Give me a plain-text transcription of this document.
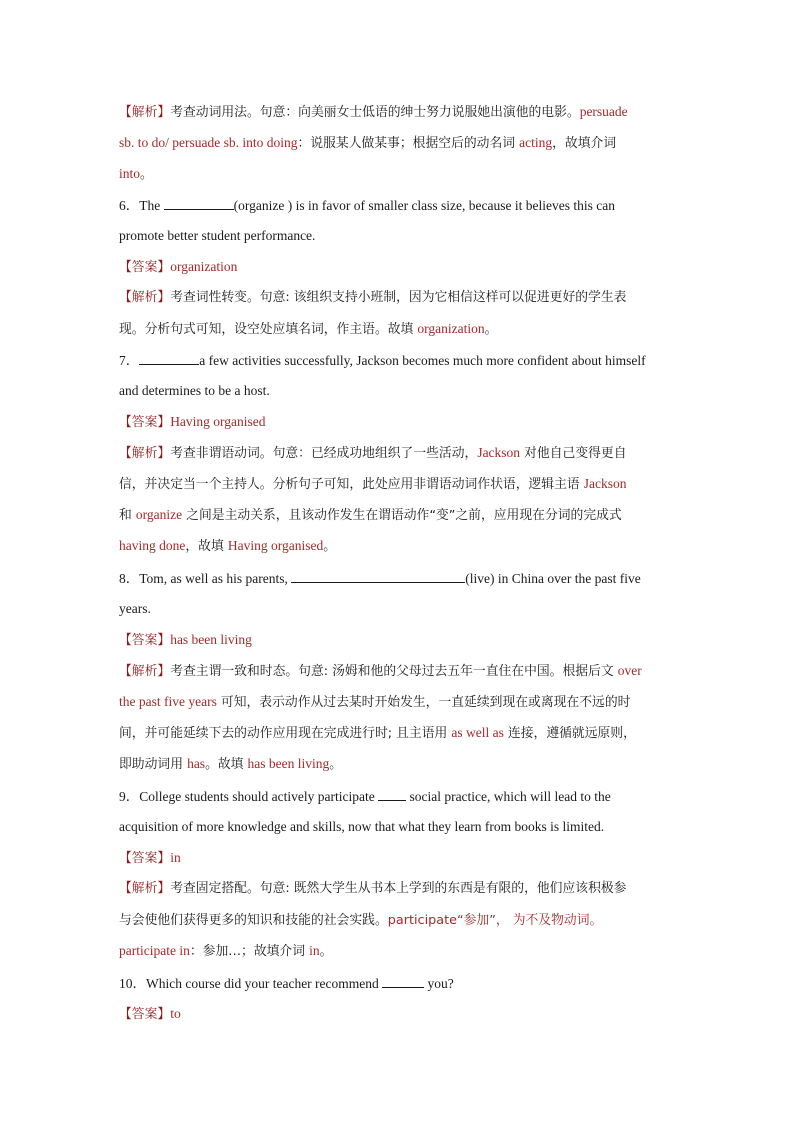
【解析】考查动词用法。句意：向美丽女士低语的绅士努力说服她出演他的电影。persuade
sb. to do/ persuade sb. into doing：说服某人做某事；根据空后的动名词 acting，故填介词
into。
6．The	(organize ) is in favor of smaller class size, because it believes this can
promote better student performance.
【答案】organization
【解析】考查词性转变。句意: 该组织支持小班制，因为它相信这样可以促进更好的学生表
现。分析句式可知，设空处应填名词，作主语。故填 organization。
7．	a few activities successfully, Jackson becomes much more confident about himself
and determines to be a host.
【答案】Having organised
【解析】考查非谓语动词。句意：已经成功地组织了一些活动，Jackson 对他自己变得更自
信，并决定当一个主持人。分析句子可知，此处应用非谓语动词作状语，逻辑主语 Jackson
和 organize 之间是主动关系，且该动作发生在谓语动作“变”之前，应用现在分词的完成式
having done，故填 Having organised。
8．Tom, as well as his parents,	(live) in China over the past five
years.
【答案】has been living
【解析】考查主谓一致和时态。句意: 汤姆和他的父母过去五年一直住在中国。根据后文 over
the past five years 可知，表示动作从过去某时开始发生，一直延续到现在或离现在不远的时
间，并可能延续下去的动作应用现在完成进行时; 且主语用 as well as 连接，遵循就远原则，
即助动词用 has。故填 has been living。
9．College students should actively participate  social practice, which will lead to the
acquisition of more knowledge and skills, now that what they learn from books is limited.
【答案】in
【解析】考查固定搭配。句意: 既然大学生从书本上学到的东西是有限的，他们应该积极参
与会使他们获得更多的知识和技能的社会实践。participate“参加”， 为不及物动词。
participate in：参加…；故填介词 in。
10．Which course did your teacher recommend	you?
【答案】to
